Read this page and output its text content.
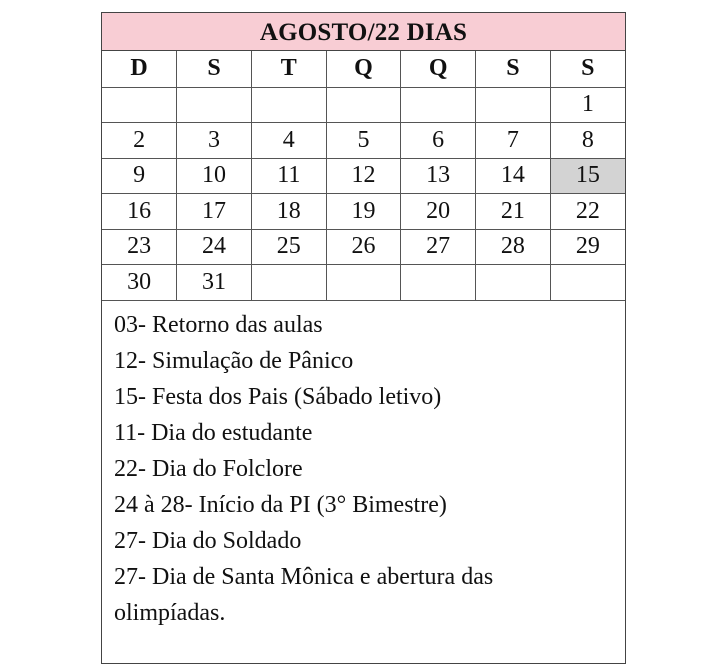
AGOSTO/22 DIAS
D	S	T	Q	Q	S	S
						1
2	3	4	5	6	7	8
9	10	11	12	13	14	15
16	17	18	19	20	21	22
23	24	25	26	27	28	29
30	31					
03- Retorno das aulas
12- Simulação de Pânico
15- Festa dos Pais (Sábado letivo)
11- Dia do estudante
22- Dia do Folclore
24 à 28- Início da PI (3° Bimestre)
27- Dia do Soldado
27- Dia de Santa Mônica e abertura das olimpíadas.
